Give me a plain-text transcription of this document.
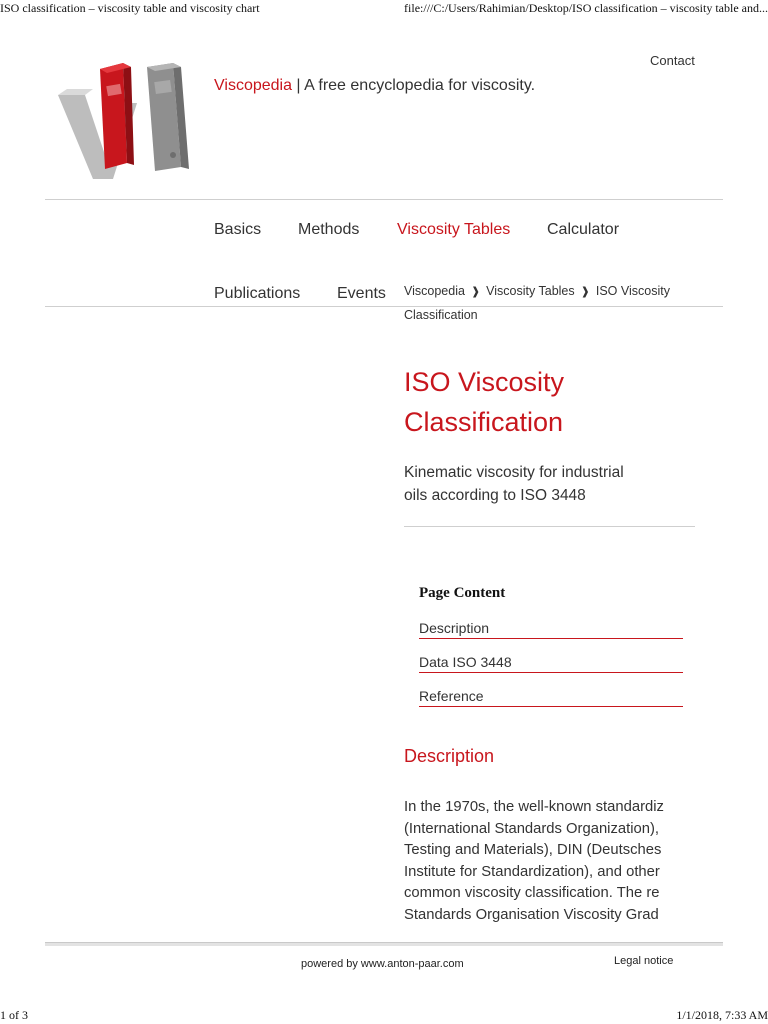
ISO classification – viscosity table and viscosity chart	file:///C:/Users/Rahimian/Desktop/ISO classification – viscosity table and...
Contact
Viscopedia | A free encyclopedia for viscosity.
Basics Methods Viscosity Tables Calculator
Publications Events Viscopedia ❱ Viscosity Tables ❱ ISO Viscosity Classification
ISO Viscosity
Classification
Kinematic viscosity for industrial
oils according to ISO 3448
Page Content
Description
Data ISO 3448
Reference
Description
In the 1970s, the well-known standardiz
(International Standards Organization),
Testing and Materials), DIN (Deutsches
Institute for Standardization), and other
common viscosity classification. The re
Standards Organisation Viscosity Grad
powered by www.anton-paar.com	Legal notice
1 of 3	1/1/2018, 7:33 AM
